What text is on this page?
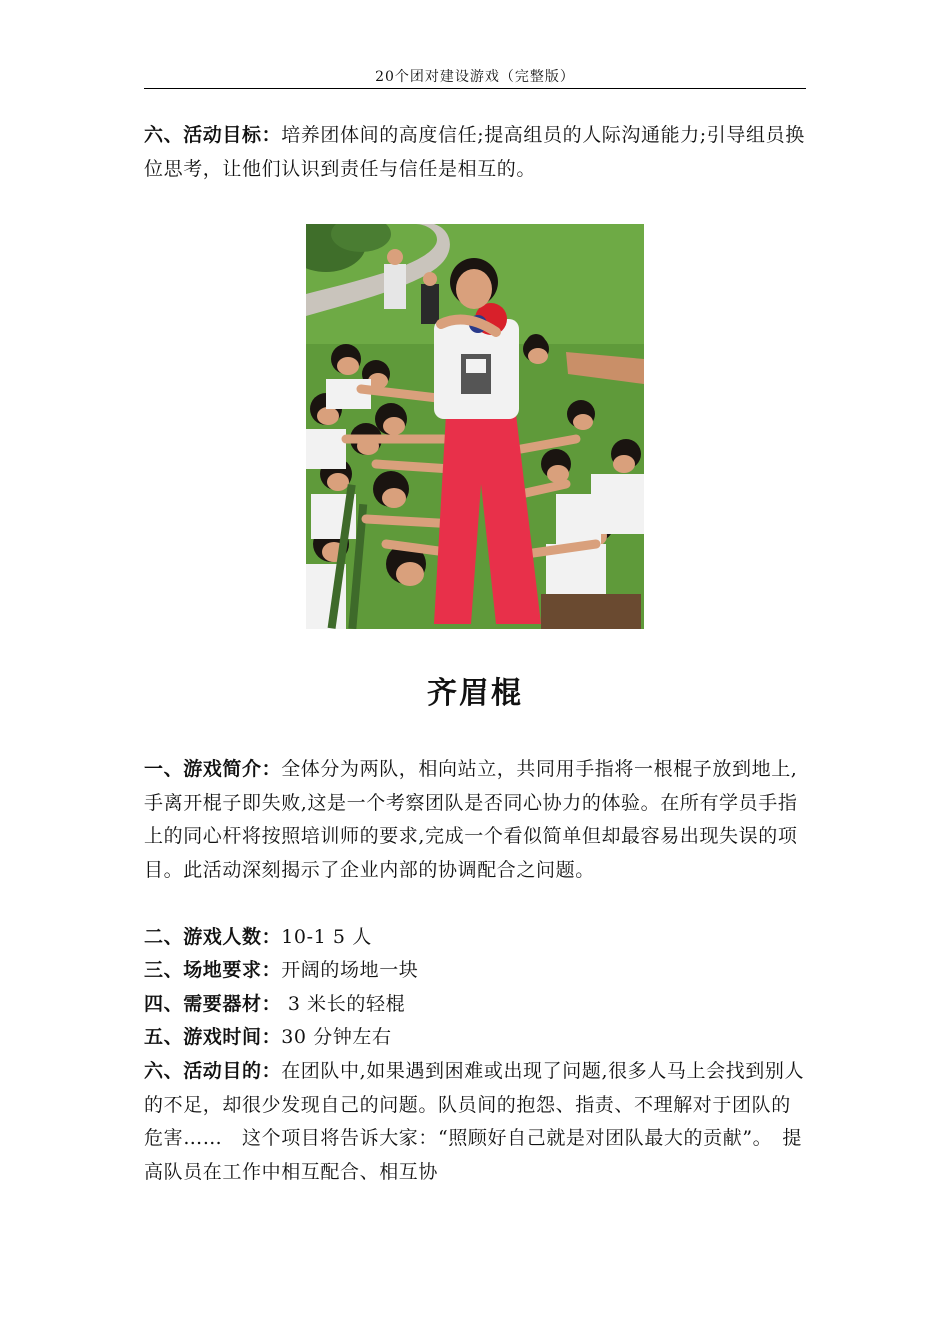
20个团对建设游戏（完整版）
六、活动目标：培养团体间的高度信任;提高组员的人际沟通能力;引导组员换位思考，让他们认识到责任与信任是相互的。
齐眉棍
一、游戏简介：全体分为两队，相向站立，共同用手指将一根棍子放到地上,手离开棍子即失败,这是一个考察团队是否同心协力的体验。在所有学员手指上的同心杆将按照培训师的要求,完成一个看似简单但却最容易出现失误的项目。此活动深刻揭示了企业内部的协调配合之问题。
二、游戏人数：10-1 5 人
三、场地要求：开阔的场地一块
四、需要器材： 3 米长的轻棍
五、游戏时间：30 分钟左右
六、活动目的：在团队中,如果遇到困难或出现了问题,很多人马上会找到别人的不足，却很少发现自己的问题。队员间的抱怨、指责、不理解对于团队的危害……　这个项目将告诉大家：“照顾好自己就是对团队最大的贡献”。　提高队员在工作中相互配合、相互协
